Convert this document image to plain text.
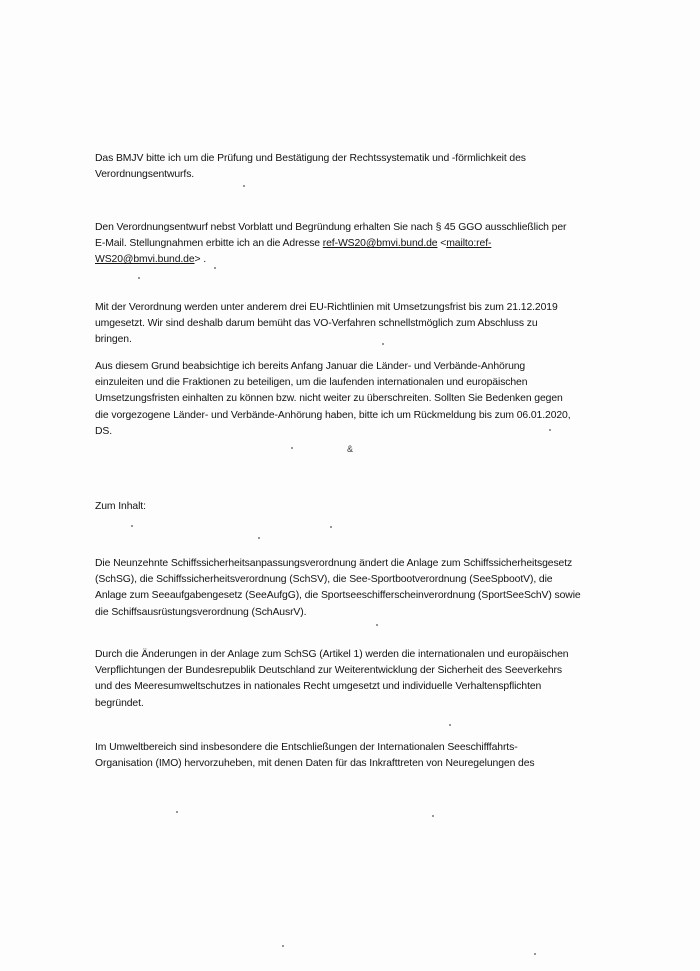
Das BMJV bitte ich um die Prüfung und Bestätigung der Rechtssystematik und -förmlichkeit des
Verordnungsentwurfs.

Den Verordnungsentwurf nebst Vorblatt und Begründung erhalten Sie nach § 45 GGO ausschließlich per
E-Mail. Stellungnahmen erbitte ich an die Adresse ref-WS20@bmvi.bund.de <mailto:ref-
WS20@bmvi.bund.de> .

Mit der Verordnung werden unter anderem drei EU-Richtlinien mit Umsetzungsfrist bis zum 21.12.2019
umgesetzt. Wir sind deshalb darum bemüht das VO-Verfahren schnellstmöglich zum Abschluss zu
bringen.

Aus diesem Grund beabsichtige ich bereits Anfang Januar die Länder- und Verbände-Anhörung
einzuleiten und die Fraktionen zu beteiligen, um die laufenden internationalen und europäischen
Umsetzungsfristen einhalten zu können bzw. nicht weiter zu überschreiten. Sollten Sie Bedenken gegen
die vorgezogene Länder- und Verbände-Anhörung haben, bitte ich um Rückmeldung bis zum 06.01.2020,
DS.

&

Zum Inhalt:

Die Neunzehnte Schiffssicherheitsanpassungsverordnung ändert die Anlage zum Schiffssicherheitsgesetz
(SchSG), die Schiffssicherheitsverordnung (SchSV), die See-Sportbootverordnung (SeeSpbootV), die
Anlage zum Seeaufgabengesetz (SeeAufgG), die Sportseeschifferscheinverordnung (SportSeeSchV) sowie
die Schiffsausrüstungsverordnung (SchAusrV).

Durch die Änderungen in der Anlage zum SchSG (Artikel 1) werden die internationalen und europäischen
Verpflichtungen der Bundesrepublik Deutschland zur Weiterentwicklung der Sicherheit des Seeverkehrs
und des Meeresumweltschutzes in nationales Recht umgesetzt und individuelle Verhaltenspflichten
begründet.

Im Umweltbereich sind insbesondere die Entschließungen der Internationalen Seeschifffahrts-
Organisation (IMO) hervorzuheben, mit denen Daten für das Inkrafttreten von Neuregelungen des
